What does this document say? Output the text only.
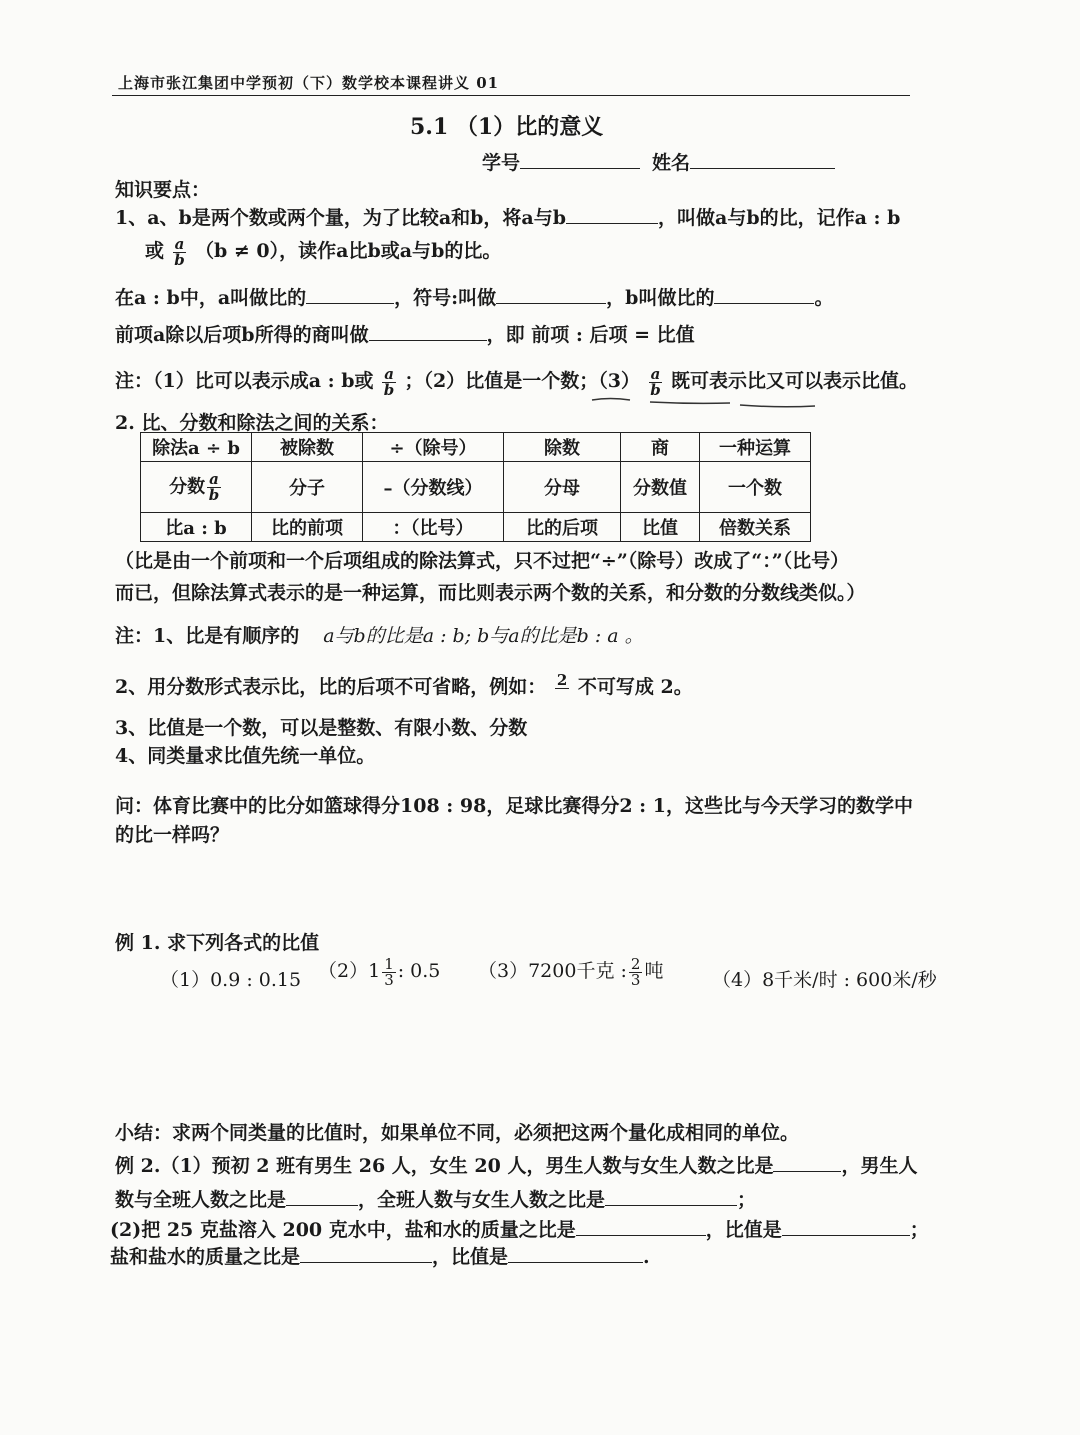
上海市张江集团中学预初（下）数学校本课程讲义 01
5.1 （1）比的意义
学号	姓名
知识要点：
1、a、b是两个数或两个量，为了比较a和b，将a与b	，叫做a与b的比，记作a : b
或 $\frac{a}{b} (b \ne 0)$，读作a比b或a与b的比。
在a : b中，a叫做比的	，符号:叫做	，b叫做比的	。
前项a除以后项b所得的商叫做	，即 前项 : 后项 = 比值
注：（1）比可以表示成a : b或 $\frac{a}{b}$ ；（2）比值是一个数；$(3) \frac{a}{b}$ 既可表示比又可以表示比值。
2. 比、分数和除法之间的关系：
除法a ÷ b	被除数	÷（除号）	除数	商	一种运算
分数 $\frac{a}{b}$	分子	–（分数线）	分母	分数值	一个数
比a : b	比的前项	：（比号）	比的后项	比值	倍数关系
（比是由一个前项和一个后项组成的除法算式，只不过把“÷”（除号）改成了“：”（比号）
而已，但除法算式表示的是一种运算，而比则表示两个数的关系，和分数的分数线类似。）
注：1、比是有顺序的 a与b的比是a : b; b与a的比是b : a 。
2、用分数形式表示比，比的后项不可省略，例如： 2 不可写成 2。
3、比值是一个数，可以是整数、有限小数、分数
4、同类量求比值先统一单位。
问：体育比赛中的比分如篮球得分108 : 98，足球比赛得分2 : 1，这些比与今天学习的数学中
的比一样吗？
例 1. 求下列各式的比值
（1）0.9 : 0.15 $(2)1 \frac{1}{3}$ : 0.5 （3）7200千克 : $\frac{2}{3}$ 吨	（4）8千米/时 : 600米/秒
小结：求两个同类量的比值时，如果单位不同，必须把这两个量化成相同的单位。
例 2.（1）预初 2 班有男生 26 人，女生 20 人，男生人数与女生人数之比是	，男生人
数与全班人数之比是	，全班人数与女生人数之比是	；
(2)把 25 克盐溶入 200 克水中，盐和水的质量之比是	，比值是	；
盐和盐水的质量之比是	，比值是	.
